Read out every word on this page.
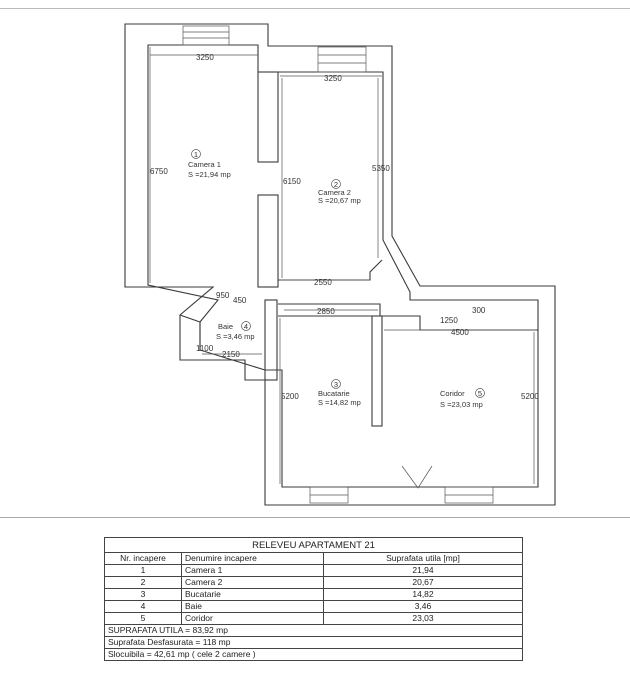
3250
3250
6750
6150
5350
2550
950
450
2850
1250
300
4500
1100
2150
5200	5200
1
Camera 1
S =21,94 mp
2
Camera 2
S =20,67 mp
3
Bucatarie
S =14,82 mp
Baie 4
S =3,46 mp
Coridor 5
S =23,03 mp
RELEVEU APARTAMENT 21		
Nr. incapere	Denumire incapere	Suprafata utila [mp]
1	Camera 1	21,94
2	Camera 2	20,67
3	Bucatarie	14,82
4	Baie	3,46
5	Coridor	23,03
SUPRAFATA UTILA = 83,92 mp		
Suprafata Desfasurata = 118 mp		
Slocuibila = 42,61 mp ( cele 2 camere )		
